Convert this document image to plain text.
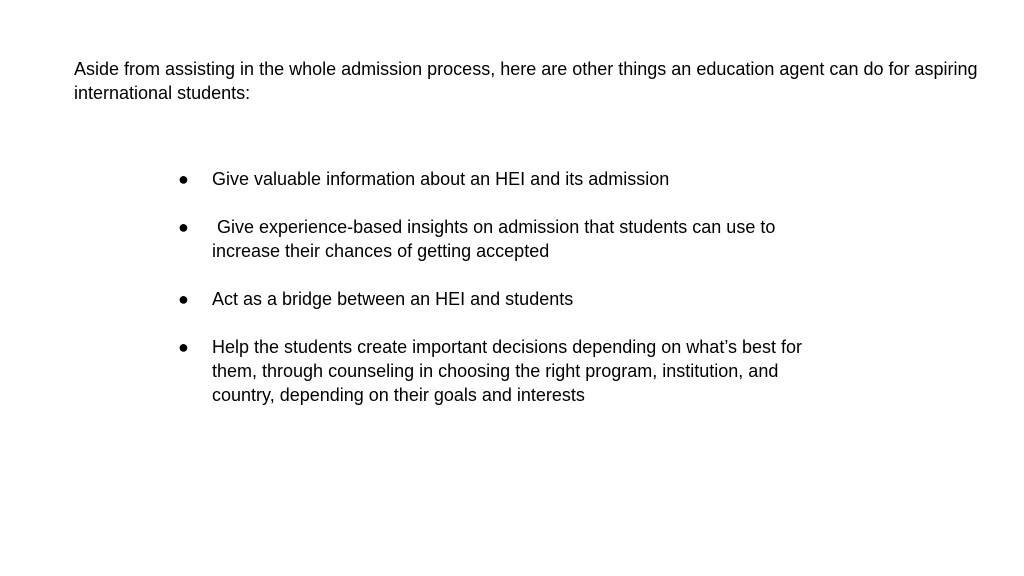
Aside from assisting in the whole admission process, here are other things an education agent can do for aspiring international students:

● Give valuable information about an HEI and its admission
● Give experience-based insights on admission that students can use to increase their chances of getting accepted
● Act as a bridge between an HEI and students
● Help the students create important decisions depending on what’s best for them, through counseling in choosing the right program, institution, and country, depending on their goals and interests
